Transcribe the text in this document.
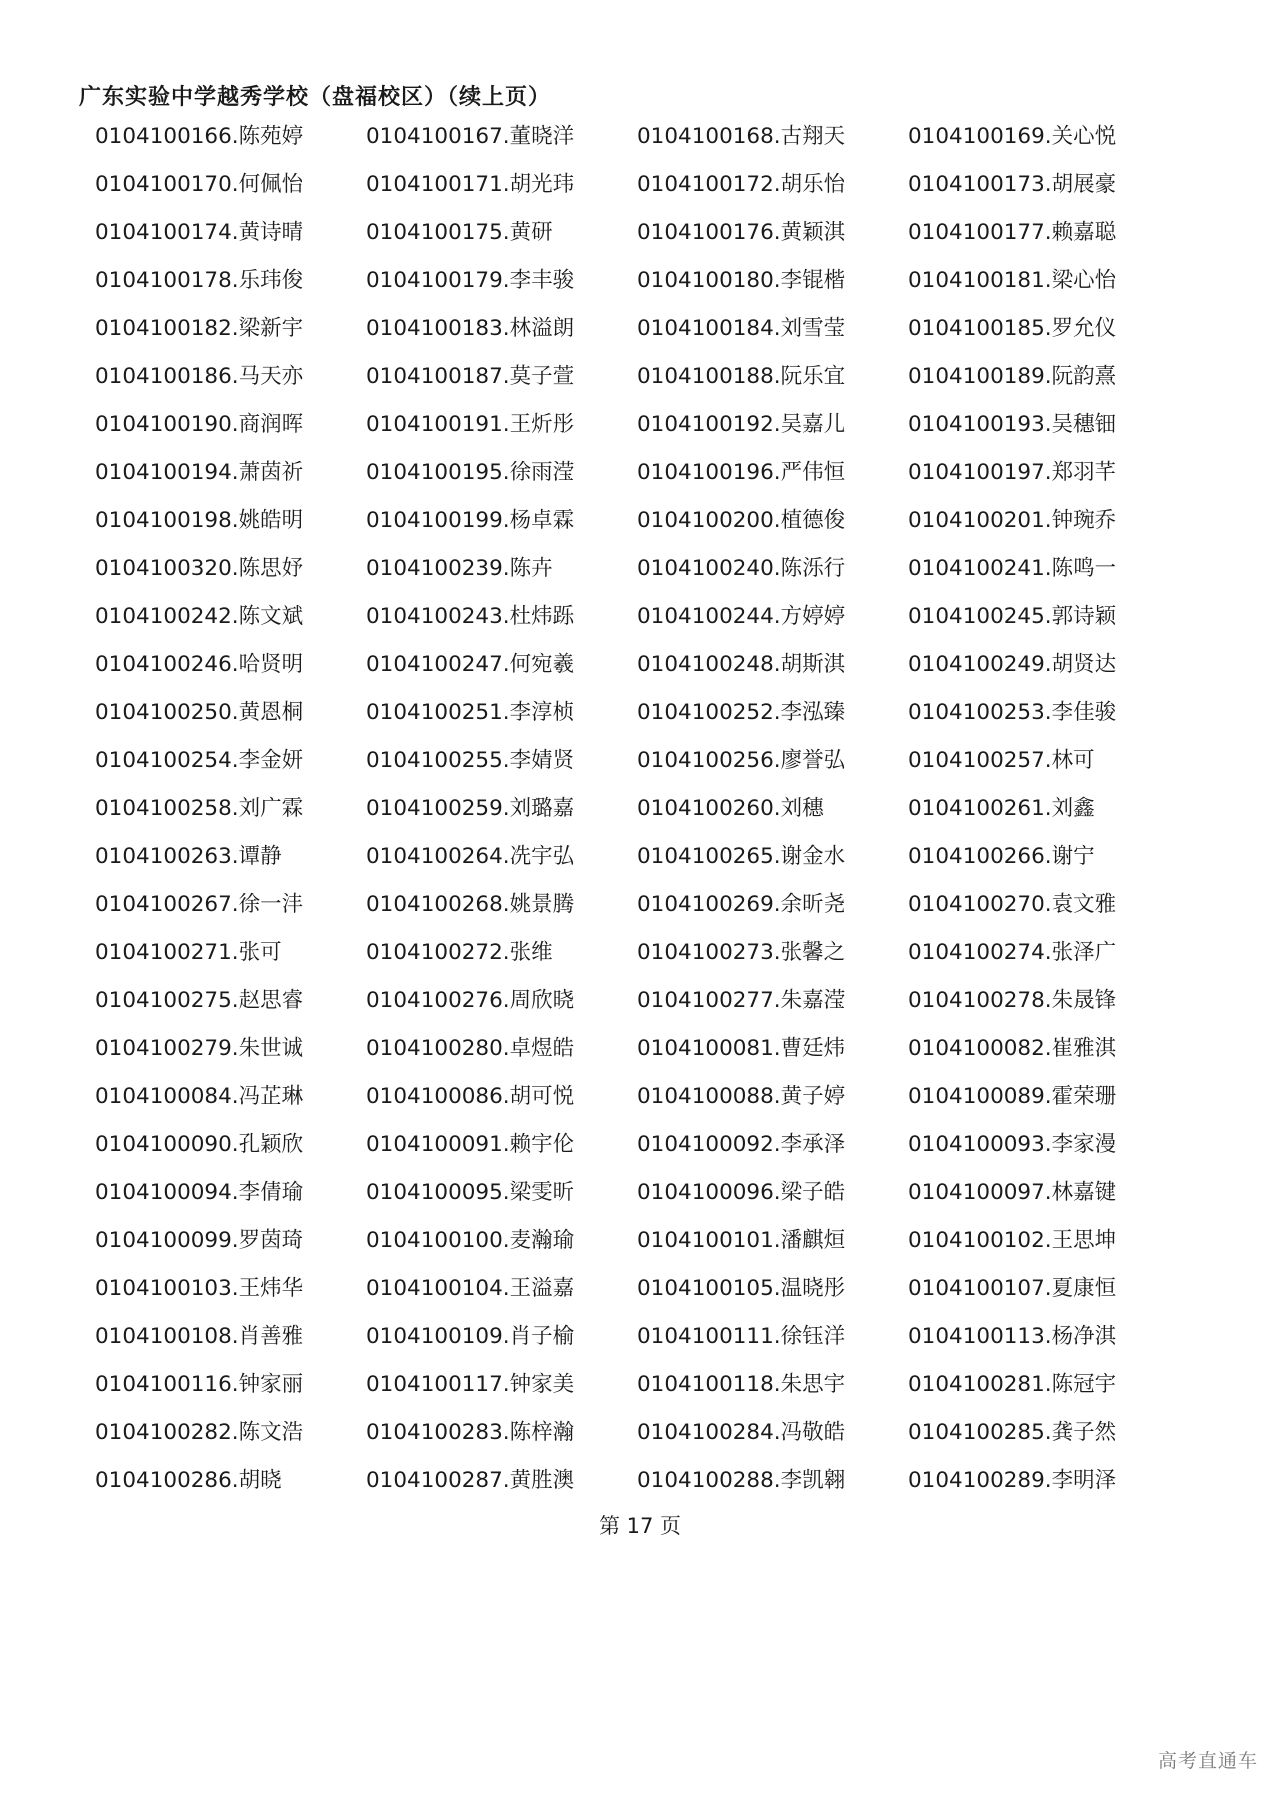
广东实验中学越秀学校（盘福校区）（续上页）
0104100166.陈苑婷	0104100167.董晓洋	0104100168.古翔天	0104100169.关心悦
0104100170.何佩怡	0104100171.胡光玮	0104100172.胡乐怡	0104100173.胡展豪
0104100174.黄诗晴	0104100175.黄研	0104100176.黄颖淇	0104100177.赖嘉聪
0104100178.乐玮俊	0104100179.李丰骏	0104100180.李锟楷	0104100181.梁心怡
0104100182.梁新宇	0104100183.林溢朗	0104100184.刘雪莹	0104100185.罗允仪
0104100186.马天亦	0104100187.莫子萱	0104100188.阮乐宜	0104100189.阮韵熹
0104100190.商润晖	0104100191.王炘彤	0104100192.吴嘉儿	0104100193.吴穗钿
0104100194.萧茵祈	0104100195.徐雨滢	0104100196.严伟恒	0104100197.郑羽芊
0104100198.姚皓明	0104100199.杨卓霖	0104100200.植德俊	0104100201.钟琬乔
0104100320.陈思妤	0104100239.陈卉	0104100240.陈泺行	0104100241.陈鸣一
0104100242.陈文斌	0104100243.杜炜跞	0104100244.方婷婷	0104100245.郭诗颖
0104100246.哈贤明	0104100247.何宛羲	0104100248.胡斯淇	0104100249.胡贤达
0104100250.黄恩桐	0104100251.李淳桢	0104100252.李泓臻	0104100253.李佳骏
0104100254.李金妍	0104100255.李婧贤	0104100256.廖誉弘	0104100257.林可
0104100258.刘广霖	0104100259.刘璐嘉	0104100260.刘穗	0104100261.刘鑫
0104100263.谭静	0104100264.冼宇弘	0104100265.谢金水	0104100266.谢宁
0104100267.徐一沣	0104100268.姚景腾	0104100269.余昕尧	0104100270.袁文雅
0104100271.张可	0104100272.张维	0104100273.张馨之	0104100274.张泽广
0104100275.赵思睿	0104100276.周欣晓	0104100277.朱嘉滢	0104100278.朱晟锋
0104100279.朱世诚	0104100280.卓煜皓	0104100081.曹廷炜	0104100082.崔雅淇
0104100084.冯芷琳	0104100086.胡可悦	0104100088.黄子婷	0104100089.霍荣珊
0104100090.孔颖欣	0104100091.赖宇伦	0104100092.李承泽	0104100093.李家漫
0104100094.李倩瑜	0104100095.梁雯昕	0104100096.梁子皓	0104100097.林嘉键
0104100099.罗茵琦	0104100100.麦瀚瑜	0104100101.潘麒烜	0104100102.王思坤
0104100103.王炜华	0104100104.王溢嘉	0104100105.温晓彤	0104100107.夏康恒
0104100108.肖善雅	0104100109.肖子榆	0104100111.徐钰洋	0104100113.杨净淇
0104100116.钟家丽	0104100117.钟家美	0104100118.朱思宇	0104100281.陈冠宇
0104100282.陈文浩	0104100283.陈梓瀚	0104100284.冯敬皓	0104100285.龚子然
0104100286.胡晓	0104100287.黄胜澳	0104100288.李凯翱	0104100289.李明泽
第 17 页
高考直通车
